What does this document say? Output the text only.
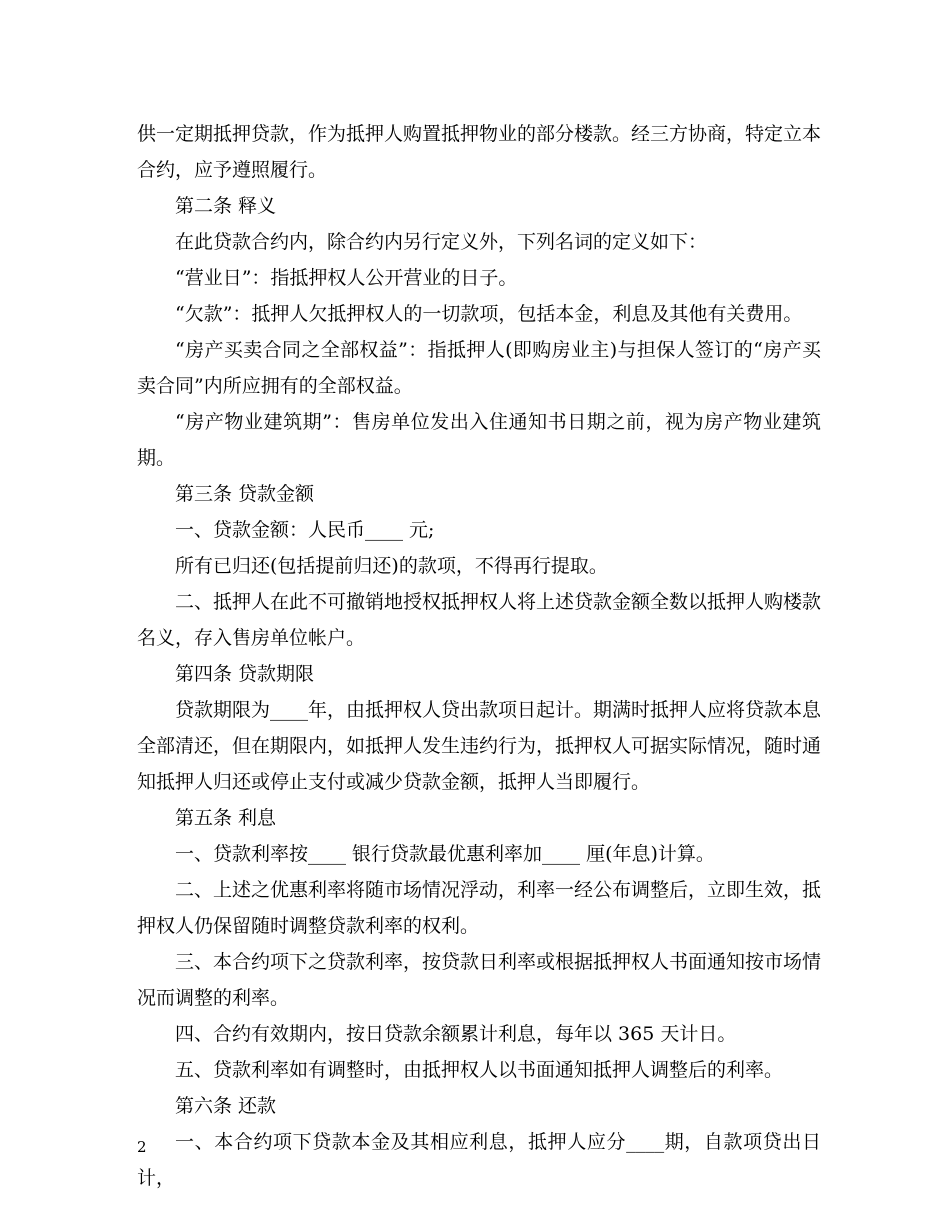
供一定期抵押贷款，作为抵押人购置抵押物业的部分楼款。经三方协商，特定立本合约，应予遵照履行。

第二条 释义

在此贷款合约内，除合约内另行定义外，下列名词的定义如下：

“营业日”：指抵押权人公开营业的日子。

“欠款”：抵押人欠抵押权人的一切款项，包括本金，利息及其他有关费用。

“房产买卖合同之全部权益”：指抵押人(即购房业主)与担保人签订的“房产买卖合同”内所应拥有的全部权益。

“房产物业建筑期”：售房单位发出入住通知书日期之前，视为房产物业建筑期。

第三条 贷款金额

一、贷款金额：人民币____ 元;

所有已归还(包括提前归还)的款项，不得再行提取。

二、抵押人在此不可撤销地授权抵押权人将上述贷款金额全数以抵押人购楼款名义，存入售房单位帐户。

第四条 贷款期限

贷款期限为____年，由抵押权人贷出款项日起计。期满时抵押人应将贷款本息全部清还，但在期限内，如抵押人发生违约行为，抵押权人可据实际情况，随时通知抵押人归还或停止支付或减少贷款金额，抵押人当即履行。

第五条 利息

一、贷款利率按____ 银行贷款最优惠利率加____ 厘(年息)计算。

二、上述之优惠利率将随市场情况浮动，利率一经公布调整后，立即生效，抵押权人仍保留随时调整贷款利率的权利。

三、本合约项下之贷款利率，按贷款日利率或根据抵押权人书面通知按市场情况而调整的利率。

四、合约有效期内，按日贷款余额累计利息，每年以 365 天计日。

五、贷款利率如有调整时，由抵押权人以书面通知抵押人调整后的利率。

第六条 还款

一、本合约项下贷款本金及其相应利息，抵押人应分____期，自款项贷出日计，

2
